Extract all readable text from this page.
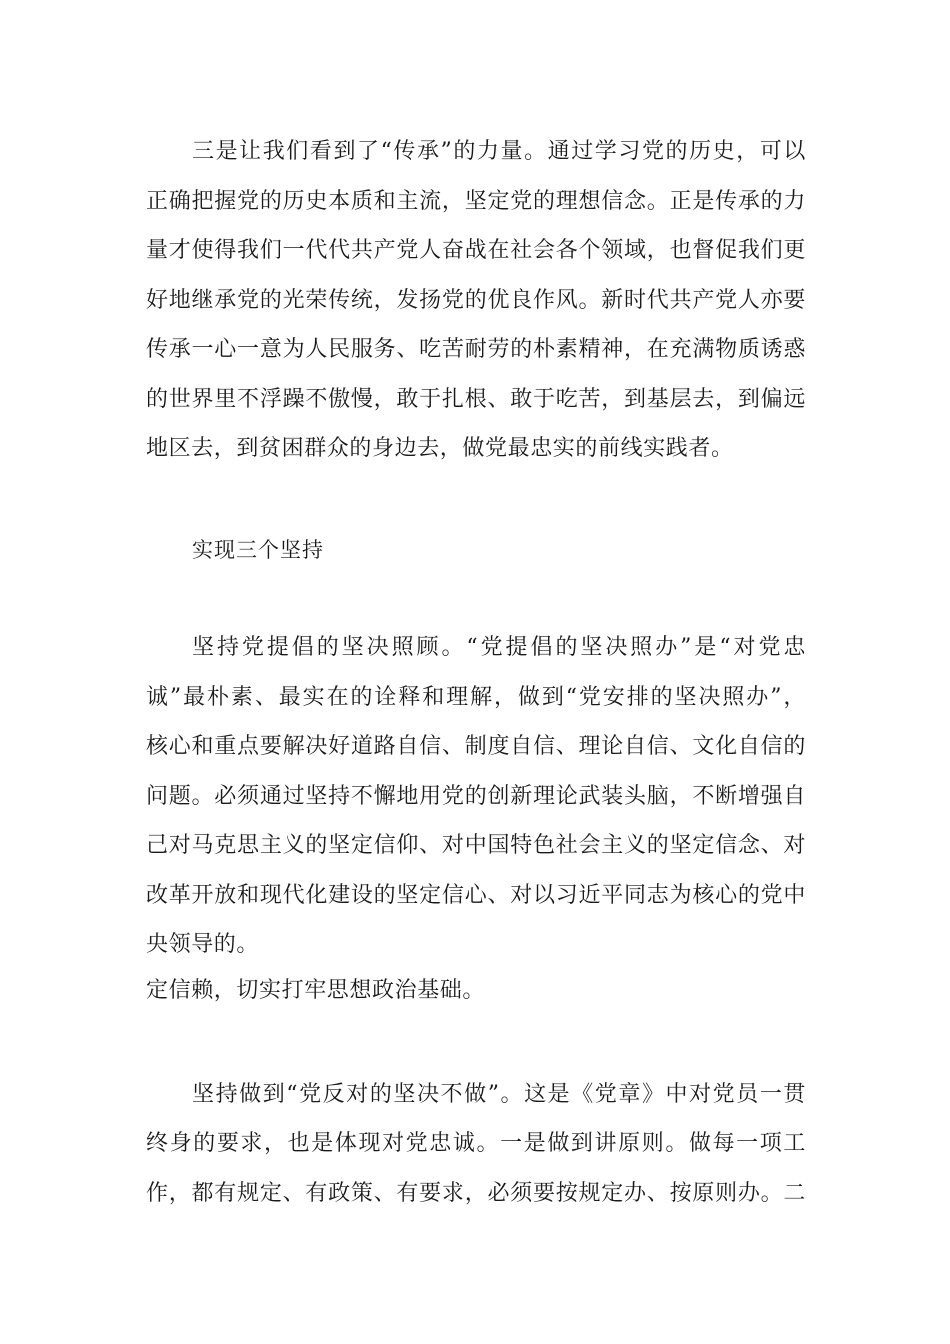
三是让我们看到了“传承”的力量。通过学习党的历史，可以
正确把握党的历史本质和主流，坚定党的理想信念。正是传承的力
量才使得我们一代代共产党人奋战在社会各个领域，也督促我们更
好地继承党的光荣传统，发扬党的优良作风。新时代共产党人亦要
传承一心一意为人民服务、吃苦耐劳的朴素精神，在充满物质诱惑
的世界里不浮躁不傲慢，敢于扎根、敢于吃苦，到基层去，到偏远
地区去，到贫困群众的身边去，做党最忠实的前线实践者。
实现三个坚持
坚持党提倡的坚决照顾。“党提倡的坚决照办”是“对党忠
诚”最朴素、最实在的诠释和理解，做到“党安排的坚决照办”，
核心和重点要解决好道路自信、制度自信、理论自信、文化自信的
问题。必须通过坚持不懈地用党的创新理论武装头脑，不断增强自
己对马克思主义的坚定信仰、对中国特色社会主义的坚定信念、对
改革开放和现代化建设的坚定信心、对以习近平同志为核心的党中
央领导的。
定信赖，切实打牢思想政治基础。
坚持做到“党反对的坚决不做”。这是《党章》中对党员一贯
终身的要求，也是体现对党忠诚。一是做到讲原则。做每一项工
作，都有规定、有政策、有要求，必须要按规定办、按原则办。二
